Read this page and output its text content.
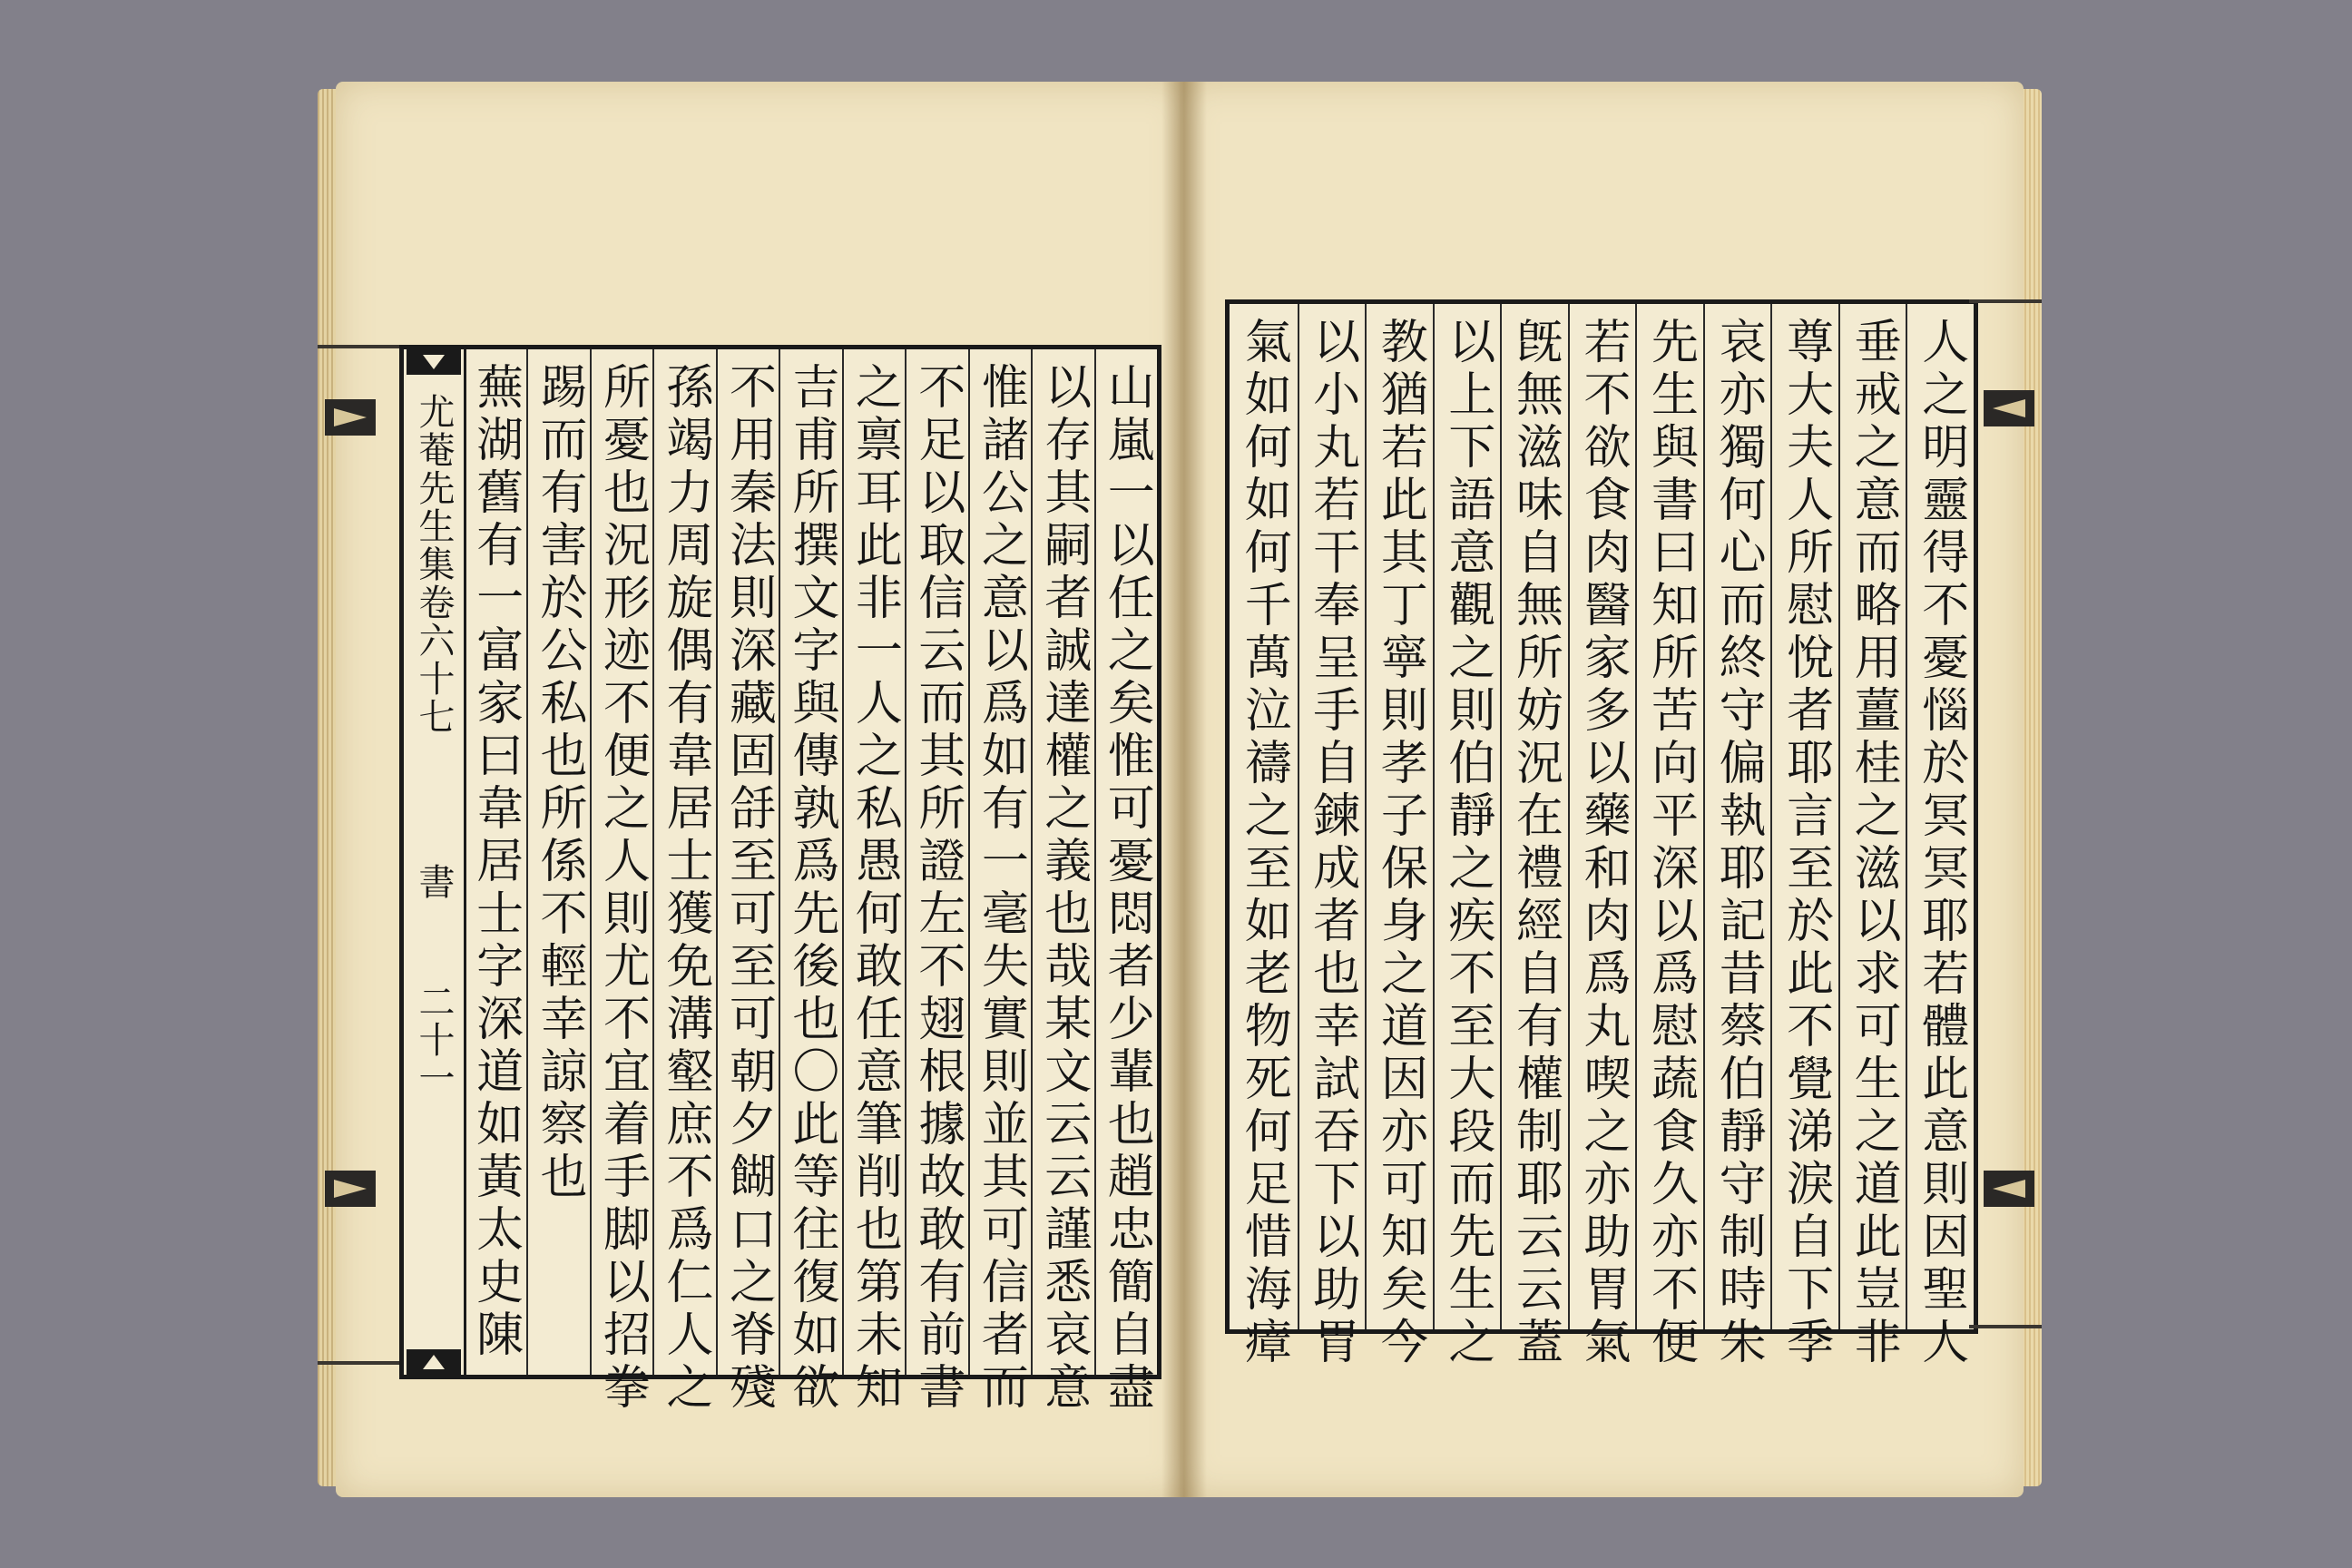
山嵐一以任之矣惟可憂悶者少輩也趙忠簡自盡
以存其嗣者誠達權之義也哉某文云云謹悉哀意
惟諸公之意以爲如有一毫失實則並其可信者而
不足以取信云而其所證左不翅根據故敢有前書
之禀耳此非一人之私愚何敢任意筆削也第未知
吉甫所撰文字與傳孰爲先後也〇此等往復如欲
不用秦法則深藏固㧱至可至可朝夕餬口之脊殘
孫竭力周旋偶有韋居士獲免溝壑庶不爲仁人之
所憂也況形迹不便之人則尤不宜着手脚以招拳
踢而有害於公私也所係不輕幸諒察也
蕪湖舊有一富家曰韋居士字深道如黃太史陳
尤菴先生集卷六十七
書
二十一	人之明靈得不憂惱於冥冥耶若體此意則因聖人
垂戒之意而略用薑桂之滋以求可生之道此豈非
尊大夫人所慰悅者耶言至於此不覺涕淚自下季
哀亦獨何心而終守偏執耶記昔蔡伯靜守制時朱
先生與書曰知所苦向平深以爲慰蔬食久亦不便
若不欲食肉醫家多以藥和肉爲丸喫之亦助胃氣
旣無滋味自無所妨況在禮經自有權制耶云云蓋
以上下語意觀之則伯靜之疾不至大段而先生之
教猶若此其丁寧則孝子保身之道因亦可知矣今
以小丸若干奉呈手自鍊成者也幸試吞下以助胃
氣如何如何千萬泣禱之至如老物死何足惜海瘴
